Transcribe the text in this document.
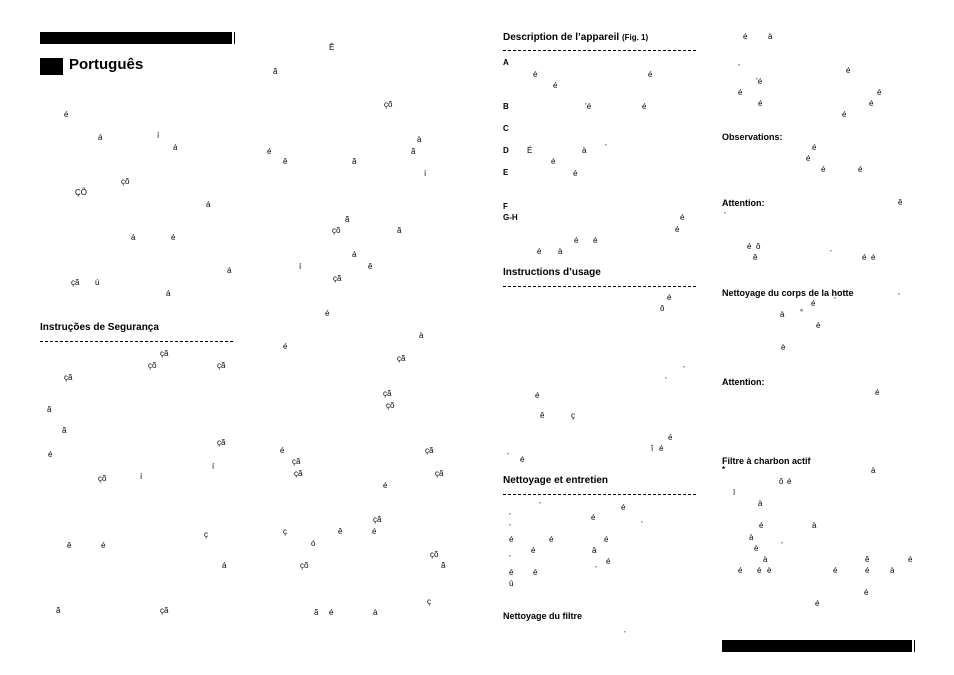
Português
Instruções de Segurança
Description de l’appareil (Fig. 1)
A
B
C
D
E
F
G-H
Instructions d’usage
Nettoyage et entretien
Nettoyage du filtre
Observations:
Attention:
Nettoyage du corps de la hotte
Attention:
Filtre à charbon actif
*
é
á	í
á
çõ
ÇÕ
á
á	é
á
çã ú
á
çã
çõ	çã
çã
ã
ã
çã
é
í
çõ	í
ç
ê	é
á
ã	çã
Ê
ã
çõ
à
é	ã
ê	ã
í
ã
çõ	ã
á
í	ê
çã
é
à
é
çã
çã
çõ
é	çã
çã
çã	çã
é
çã
ç	ê	é
ó
çõ
çõ	ã
ç
ã é	á
é	é
é
’é	é
É	à ’
é
é
é
é
é é
é à
é
ô
’
’
é
ê	ç
é
î é
’ é
é
’
’	é
’
’
é	é	é
é	â
’	é
é é	’
ù
’
é	à
’	é
’é
é	é
é	é
é
é
é
é	é
ê
’
é ô
ê	’	é é
’
é ’
à °
é
è
é
à
ô é
ï
à
é	à
à
è	’
à	ê	é
é é è	é	é	à
é
é
